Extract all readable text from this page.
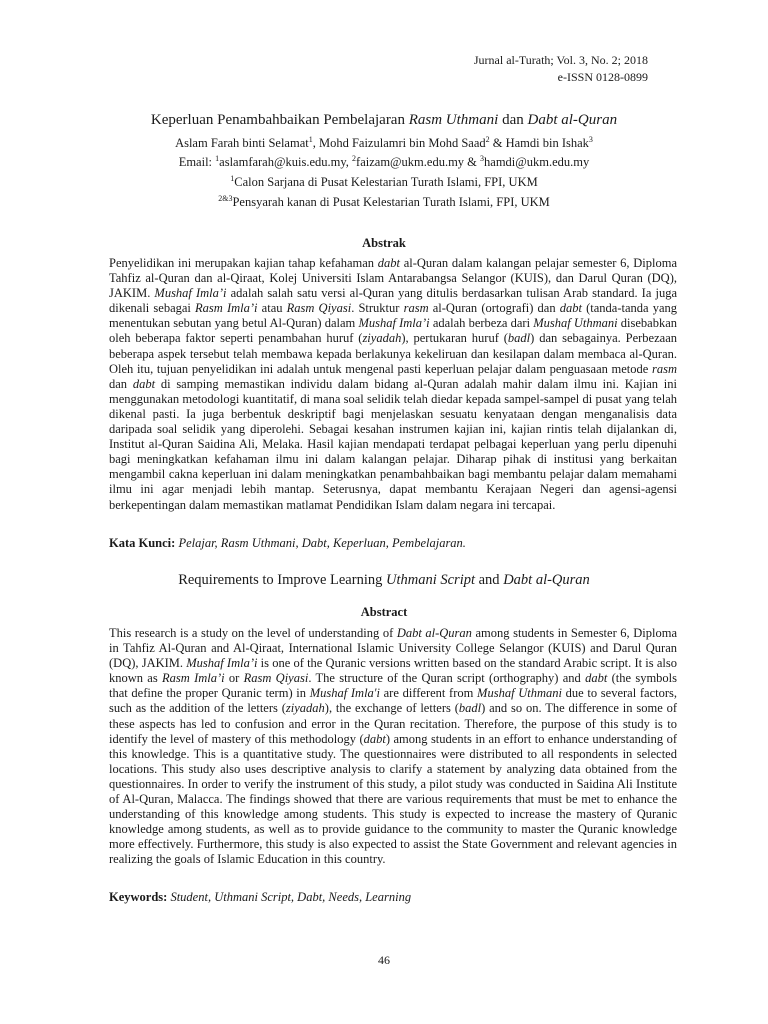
Jurnal al-Turath; Vol. 3, No. 2; 2018
e-ISSN 0128-0899
Keperluan Penambahbaikan Pembelajaran Rasm Uthmani dan Dabt al-Quran
Aslam Farah binti Selamat$^1$, Mohd Faizulamri bin Mohd Saad$^2$ & Hamdi bin Ishak$^3$
Email: $^1$aslamfarah@kuis.edu.my, $^2$faizam@ukm.edu.my & $^3$hamdi@ukm.edu.my
$^1$Calon Sarjana di Pusat Kelestarian Turath Islami, FPI, UKM
$^{2\&3}$Pensyarah kanan di Pusat Kelestarian Turath Islami, FPI, UKM
Abstrak

Penyelidikan ini merupakan kajian tahap kefahaman dabt al-Quran dalam kalangan pelajar semester 6, Diploma Tahfiz al-Quran dan al-Qiraat, Kolej Universiti Islam Antarabangsa Selangor (KUIS), dan Darul Quran (DQ), JAKIM. Mushaf Imla’i adalah salah satu versi al-Quran yang ditulis berdasarkan tulisan Arab standard. Ia juga dikenali sebagai Rasm Imla’i atau Rasm Qiyasi. Struktur rasm al-Quran (ortografi) dan dabt (tanda-tanda yang menentukan sebutan yang betul Al-Quran) dalam Mushaf Imla’i adalah berbeza dari Mushaf Uthmani disebabkan oleh beberapa faktor seperti penambahan huruf (ziyadah), pertukaran huruf (badl) dan sebagainya. Perbezaan beberapa aspek tersebut telah membawa kepada berlakunya kekeliruan dan kesilapan dalam membaca al-Quran. Oleh itu, tujuan penyelidikan ini adalah untuk mengenal pasti keperluan pelajar dalam penguasaan metode rasm dan dabt di samping memastikan individu dalam bidang al-Quran adalah mahir dalam ilmu ini. Kajian ini menggunakan metodologi kuantitatif, di mana soal selidik telah diedar kepada sampel-sampel di pusat yang telah dikenal pasti. Ia juga berbentuk deskriptif bagi menjelaskan sesuatu kenyataan dengan menganalisis data daripada soal selidik yang diperolehi. Sebagai kesahan instrumen kajian ini, kajian rintis telah dijalankan di, Institut al-Quran Saidina Ali, Melaka. Hasil kajian mendapati terdapat pelbagai keperluan yang perlu dipenuhi bagi meningkatkan kefahaman ilmu ini dalam kalangan pelajar. Diharap pihak di institusi yang berkaitan mengambil cakna keperluan ini dalam meningkatkan penambahbaikan bagi membantu pelajar dalam memahami ilmu ini agar menjadi lebih mantap. Seterusnya, dapat membantu Kerajaan Negeri dan agensi-agensi berkepentingan dalam memastikan matlamat Pendidikan Islam dalam negara ini tercapai.

Kata Kunci: Pelajar, Rasm Uthmani, Dabt, Keperluan, Pembelajaran.
Requirements to Improve Learning Uthmani Script and Dabt al-Quran
Abstract

This research is a study on the level of understanding of Dabt al-Quran among students in Semester 6, Diploma in Tahfiz Al-Quran and Al-Qiraat, International Islamic University College Selangor (KUIS) and Darul Quran (DQ), JAKIM. Mushaf Imla’i is one of the Quranic versions written based on the standard Arabic script. It is also known as Rasm Imla’i or Rasm Qiyasi. The structure of the Quran script (orthography) and dabt (the symbols that define the proper Quranic term) in Mushaf Imla'i are different from Mushaf Uthmani due to several factors, such as the addition of the letters (ziyadah), the exchange of letters (badl) and so on. The difference in some of these aspects has led to confusion and error in the Quran recitation. Therefore, the purpose of this study is to identify the level of mastery of this methodology (dabt) among students in an effort to enhance understanding of this knowledge. This is a quantitative study. The questionnaires were distributed to all respondents in selected locations. This study also uses descriptive analysis to clarify a statement by analyzing data obtained from the questionnaires. In order to verify the instrument of this study, a pilot study was conducted in Saidina Ali Institute of Al-Quran, Malacca. The findings showed that there are various requirements that must be met to enhance the understanding of this knowledge among students. This study is expected to increase the mastery of Quranic knowledge among students, as well as to provide guidance to the community to master the Quranic knowledge more effectively. Furthermore, this study is also expected to assist the State Government and relevant agencies in realizing the goals of Islamic Education in this country.

Keywords: Student, Uthmani Script, Dabt, Needs, Learning
46
